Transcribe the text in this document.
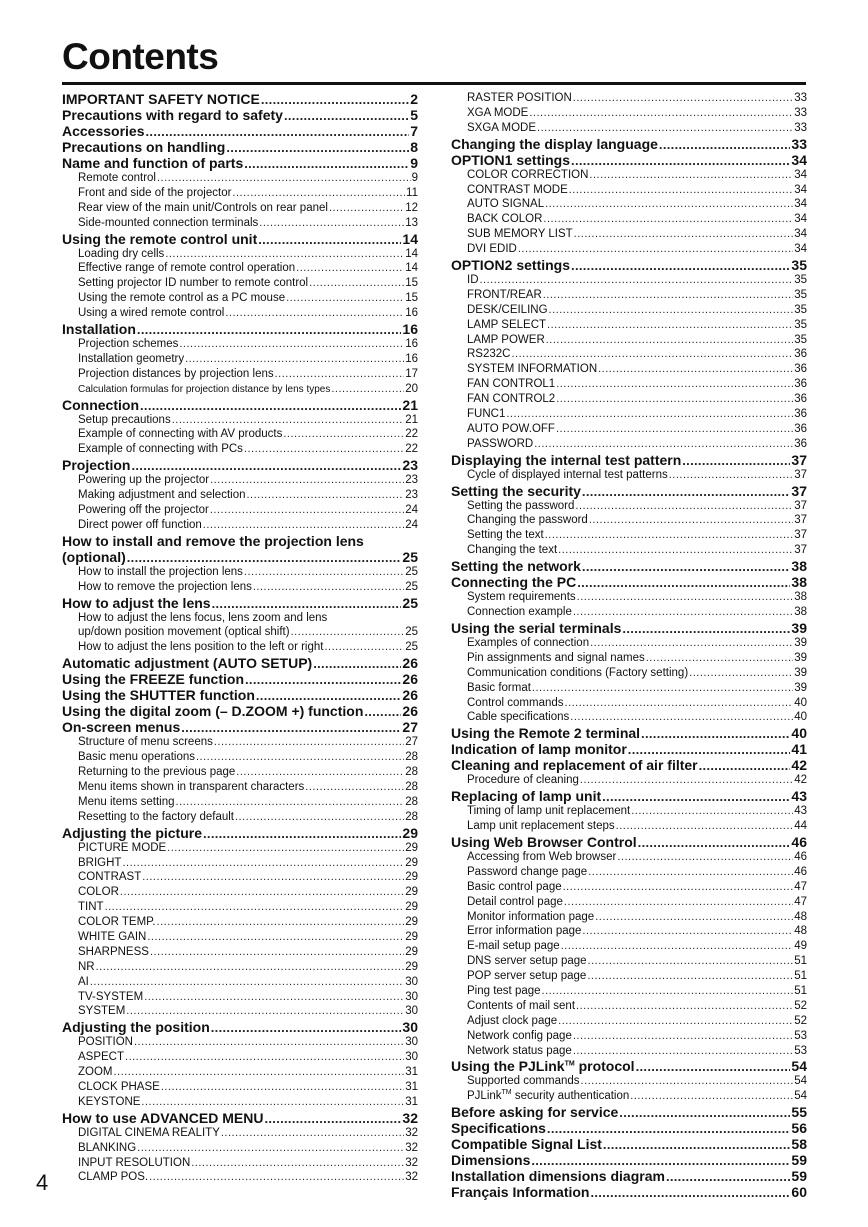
Contents
IMPORTANT SAFETY NOTICE .....	2
Precautions with regard to safety .....	5
Accessories .....	7
Precautions on handling .....	8
Name and function of parts .....	9
Remote control .....	9
Front and side of the projector .....	11
Rear view of the main unit/Controls on rear panel .....	12
Side-mounted connection terminals .....	13
Using the remote control unit .....	14
Loading dry cells .....	14
Effective range of remote control operation .....	14
Setting projector ID number to remote control .....	15
Using the remote control as a PC mouse .....	15
Using a wired remote control .....	16
Installation .....	16
Projection schemes .....	16
Installation geometry .....	16
Projection distances by projection lens .....	17
Calculation formulas for projection distance by lens types .....	20
Connection .....	21
Setup precautions .....	21
Example of connecting with AV products .....	22
Example of connecting with PCs .....	22
Projection .....	23
Powering up the projector .....	23
Making adjustment and selection .....	23
Powering off the projector .....	24
Direct power off function .....	24
How to install and remove the projection lens
(optional) .....	25
How to install the projection lens .....	25
How to remove the projection lens .....	25
How to adjust the lens .....	25
How to adjust the lens focus, lens zoom and lens
up/down position movement (optical shift) .....	25
How to adjust the lens position to the left or right .....	25
Automatic adjustment (AUTO SETUP) .....	26
Using the FREEZE function .....	26
Using the SHUTTER function .....	26
Using the digital zoom (– D.ZOOM +) function .....	26
On-screen menus .....	27
Structure of menu screens .....	27
Basic menu operations .....	28
Returning to the previous page .....	28
Menu items shown in transparent characters .....	28
Menu items setting .....	28
Resetting to the factory default .....	28
Adjusting the picture .....	29
PICTURE MODE .....	29
BRIGHT .....	29
CONTRAST .....	29
COLOR .....	29
TINT .....	29
COLOR TEMP. .....	29
WHITE GAIN .....	29
SHARPNESS .....	29
NR .....	29
AI .....	30
TV-SYSTEM .....	30
SYSTEM .....	30
Adjusting the position .....	30
POSITION .....	30
ASPECT .....	30
ZOOM .....	31
CLOCK PHASE .....	31
KEYSTONE .....	31
How to use ADVANCED MENU .....	32
DIGITAL CINEMA REALITY .....	32
BLANKING .....	32
INPUT RESOLUTION .....	32
CLAMP POS. .....	32
RASTER POSITION .....	33
XGA MODE .....	33
SXGA MODE .....	33
Changing the display language .....	33
OPTION1 settings .....	34
COLOR CORRECTION .....	34
CONTRAST MODE .....	34
AUTO SIGNAL .....	34
BACK COLOR .....	34
SUB MEMORY LIST .....	34
DVI EDID .....	34
OPTION2 settings .....	35
ID .....	35
FRONT/REAR .....	35
DESK/CEILING .....	35
LAMP SELECT .....	35
LAMP POWER .....	35
RS232C .....	36
SYSTEM INFORMATION .....	36
FAN CONTROL1 .....	36
FAN CONTROL2 .....	36
FUNC1 .....	36
AUTO POW.OFF .....	36
PASSWORD .....	36
Displaying the internal test pattern .....	37
Cycle of displayed internal test patterns .....	37
Setting the security .....	37
Setting the password .....	37
Changing the password .....	37
Setting the text .....	37
Changing the text .....	37
Setting the network .....	38
Connecting the PC .....	38
System requirements .....	38
Connection example .....	38
Using the serial terminals .....	39
Examples of connection .....	39
Pin assignments and signal names .....	39
Communication conditions (Factory setting) .....	39
Basic format .....	39
Control commands .....	40
Cable specifications .....	40
Using the Remote 2 terminal .....	40
Indication of lamp monitor .....	41
Cleaning and replacement of air filter .....	42
Procedure of cleaning .....	42
Replacing of lamp unit .....	43
Timing of lamp unit replacement .....	43
Lamp unit replacement steps .....	44
Using Web Browser Control .....	46
Accessing from Web browser .....	46
Password change page .....	46
Basic control page .....	47
Detail control page .....	47
Monitor information page .....	48
Error information page .....	48
E-mail setup page .....	49
DNS server setup page .....	51
POP server setup page .....	51
Ping test page .....	51
Contents of mail sent .....	52
Adjust clock page .....	52
Network config page .....	53
Network status page .....	53
Using the PJLink™ protocol .....	54
Supported commands .....	54
PJLink™ security authentication .....	54
Before asking for service .....	55
Specifications .....	56
Compatible Signal List .....	58
Dimensions .....	59
Installation dimensions diagram .....	59
Français Information .....	60
4
